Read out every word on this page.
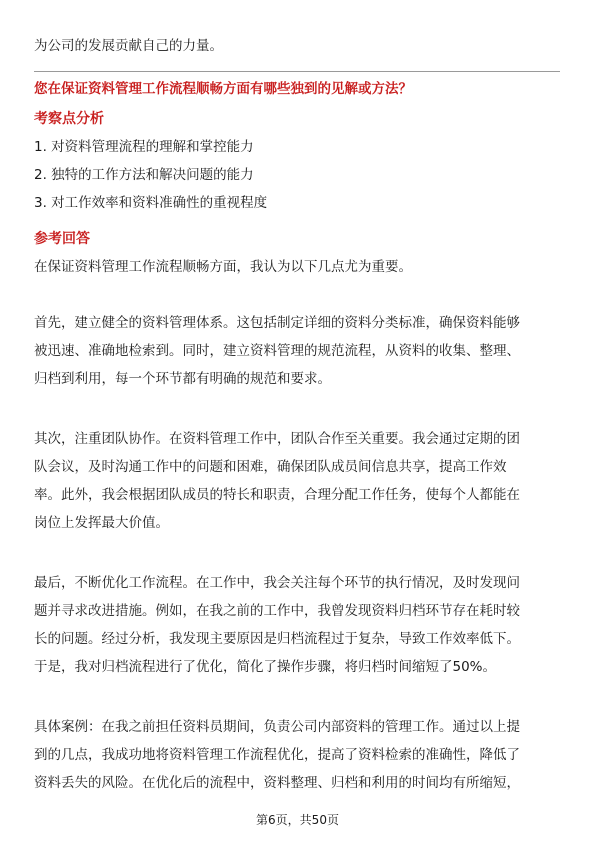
为公司的发展贡献自己的力量。
您在保证资料管理工作流程顺畅方面有哪些独到的见解或方法？
考察点分析
1. 对资料管理流程的理解和掌控能力
2. 独特的工作方法和解决问题的能力
3. 对工作效率和资料准确性的重视程度
参考回答
在保证资料管理工作流程顺畅方面，我认为以下几点尤为重要。
首先，建立健全的资料管理体系。这包括制定详细的资料分类标准，确保资料能够
被迅速、准确地检索到。同时，建立资料管理的规范流程，从资料的收集、整理、
归档到利用，每一个环节都有明确的规范和要求。
其次，注重团队协作。在资料管理工作中，团队合作至关重要。我会通过定期的团
队会议，及时沟通工作中的问题和困难，确保团队成员间信息共享，提高工作效
率。此外，我会根据团队成员的特长和职责，合理分配工作任务，使每个人都能在
岗位上发挥最大价值。
最后，不断优化工作流程。在工作中，我会关注每个环节的执行情况，及时发现问
题并寻求改进措施。例如，在我之前的工作中，我曾发现资料归档环节存在耗时较
长的问题。经过分析，我发现主要原因是归档流程过于复杂，导致工作效率低下。
于是，我对归档流程进行了优化，简化了操作步骤，将归档时间缩短了50%。
具体案例：在我之前担任资料员期间，负责公司内部资料的管理工作。通过以上提
到的几点，我成功地将资料管理工作流程优化，提高了资料检索的准确性，降低了
资料丢失的风险。在优化后的流程中，资料整理、归档和利用的时间均有所缩短，
第6页，共50页
